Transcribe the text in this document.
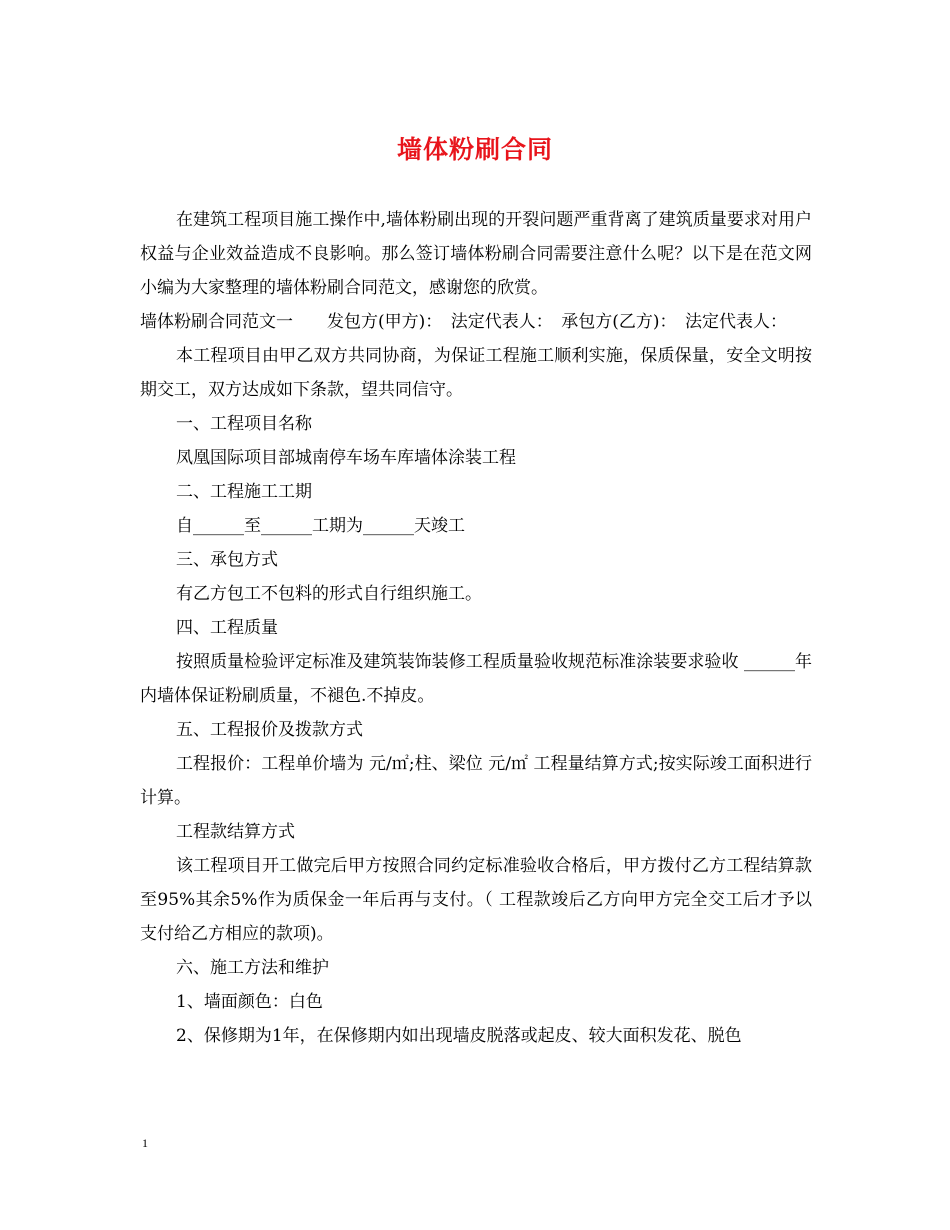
墙体粉刷合同

在建筑工程项目施工操作中,墙体粉刷出现的开裂问题严重背离了建筑质量要求对用户权益与企业效益造成不良影响。那么签订墙体粉刷合同需要注意什么呢？以下是在范文网小编为大家整理的墙体粉刷合同范文，感谢您的欣赏。

墙体粉刷合同范文一　　发包方(甲方)：　法定代表人：　承包方(乙方)：　法定代表人：

本工程项目由甲乙双方共同协商，为保证工程施工顺利实施，保质保量，安全文明按期交工，双方达成如下条款，望共同信守。

一、工程项目名称

凤凰国际项目部城南停车场车库墙体涂装工程

二、工程施工工期

自______至______工期为______天竣工

三、承包方式

有乙方包工不包料的形式自行组织施工。

四、工程质量

按照质量检验评定标准及建筑装饰装修工程质量验收规范标准涂装要求验收 ______年内墙体保证粉刷质量，不褪色.不掉皮。

五、工程报价及拨款方式

工程报价：工程单价墙为 元/㎡;柱、梁位 元/㎡ 工程量结算方式;按实际竣工面积进行计算。

工程款结算方式

该工程项目开工做完后甲方按照合同约定标准验收合格后，甲方拨付乙方工程结算款至95%其余5%作为质保金一年后再与支付。（ 工程款竣后乙方向甲方完全交工后才予以支付给乙方相应的款项)。

六、施工方法和维护

1、墙面颜色：白色

2、保修期为1年，在保修期内如出现墙皮脱落或起皮、较大面积发花、脱色

1
